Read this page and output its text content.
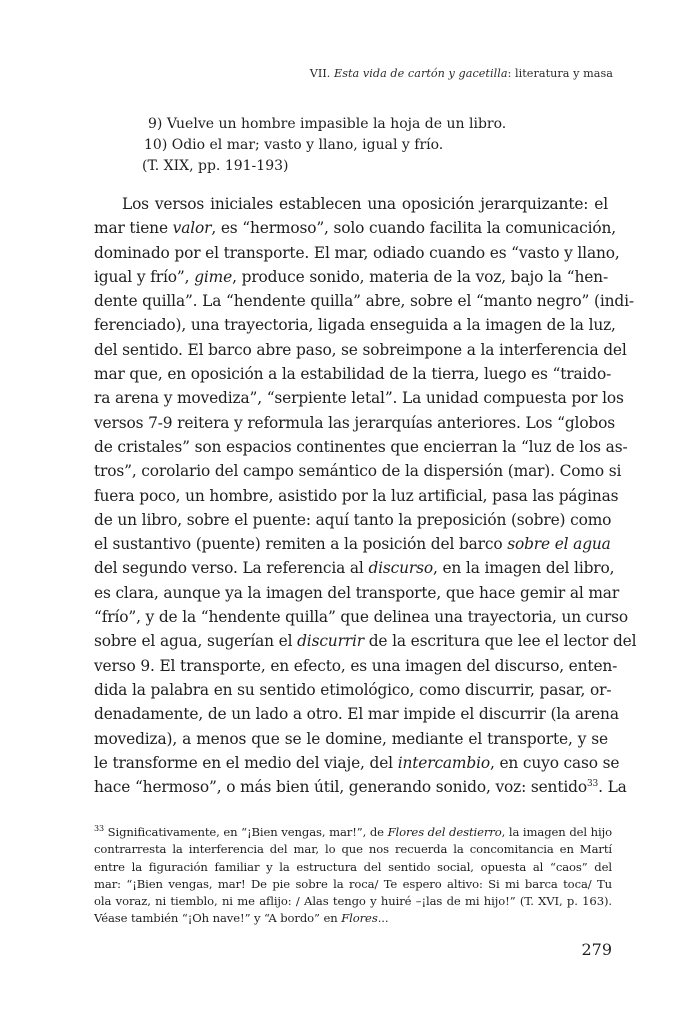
VII. Esta vida de cartón y gacetilla: literatura y masa
9) Vuelve un hombre impasible la hoja de un libro.
10) Odio el mar; vasto y llano, igual y frío.
(T. XIX, pp. 191-193)
Los versos iniciales establecen una oposición jerarquizante: el
mar tiene valor, es “hermoso”, solo cuando facilita la comunicación,
dominado por el transporte. El mar, odiado cuando es “vasto y llano,
igual y frío”, gime, produce sonido, materia de la voz, bajo la “hen-
dente quilla”. La “hendente quilla” abre, sobre el “manto negro” (indi-
ferenciado), una trayectoria, ligada enseguida a la imagen de la luz,
del sentido. El barco abre paso, se sobreimpone a la interferencia del
mar que, en oposición a la estabilidad de la tierra, luego es “traido-
ra arena y movediza”, “serpiente letal”. La unidad compuesta por los
versos 7-9 reitera y reformula las jerarquías anteriores. Los “globos
de cristales” son espacios continentes que encierran la “luz de los as-
tros”, corolario del campo semántico de la dispersión (mar). Como si
fuera poco, un hombre, asistido por la luz artificial, pasa las páginas
de un libro, sobre el puente: aquí tanto la preposición (sobre) como
el sustantivo (puente) remiten a la posición del barco sobre el agua
del segundo verso. La referencia al discurso, en la imagen del libro,
es clara, aunque ya la imagen del transporte, que hace gemir al mar
“frío”, y de la “hendente quilla” que delinea una trayectoria, un curso
sobre el agua, sugerían el discurrir de la escritura que lee el lector del
verso 9. El transporte, en efecto, es una imagen del discurso, enten-
dida la palabra en su sentido etimológico, como discurrir, pasar, or-
denadamente, de un lado a otro. El mar impide el discurrir (la arena
movediza), a menos que se le domine, mediante el transporte, y se
le transforme en el medio del viaje, del intercambio, en cuyo caso se
hace “hermoso”, o más bien útil, generando sonido, voz: sentido$^{33}$. La
$^{33}$ Significativamente, en “¡Bien vengas, mar!”, de Flores del destierro, la imagen del hijo
contrarresta la interferencia del mar, lo que nos recuerda la concomitancia en Martí
entre la figuración familiar y la estructura del sentido social, opuesta al “caos” del
mar: “¡Bien vengas, mar! De pie sobre la roca/ Te espero altivo: Si mi barca toca/ Tu
ola voraz, ni tiemblo, ni me aflijo: / Alas tengo y huiré –¡las de mi hijo!” (T. XVI, p. 163).
Véase también “¡Oh nave!” y “A bordo” en Flores...
279
